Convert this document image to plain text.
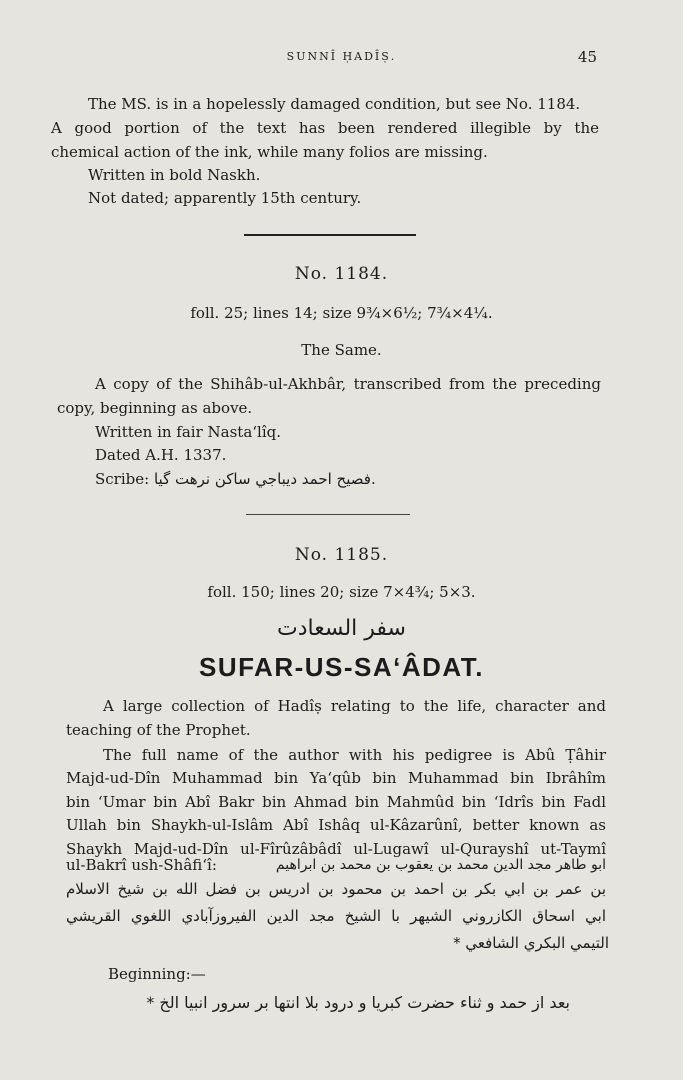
SUNNÎ ḤADÎṢ.	45

The MS. is in a hopelessly damaged condition, but see No. 1184.

A good portion of the text has been rendered illegible by the

chemical action of the ink, while many folios are missing.

Written in bold Naskh.

Not dated; apparently 15th century.

No. 1184.

foll. 25; lines 14; size 9¾×6½; 7¾×4¼.

The Same.

A copy of the Shihâb-ul-Akhbâr, transcribed from the preceding

copy, beginning as above.

Written in fair Nasta‘lîq.

Dated A.H. 1337.

Scribe: فصيح احمد ديباجي ساكن نرهت گيا.

No. 1185.

foll. 150; lines 20; size 7×4¾; 5×3.

سفر السعادت

SUFAR-US-SA‘ÂDAT.

A large collection of Hadîṣ relating to the life, character and

teaching of the Prophet.

The full name of the author with his pedigree is Abû Ṭâhir

Majd-ud-Dîn Muhammad bin Ya‘qûb bin Muhammad bin Ibrâhîm

bin ‘Umar bin Abî Bakr bin Ahmad bin Mahmûd bin ‘Idrîs bin Fadl

Ullah bin Shaykh-ul-Islâm Abî Ishâq ul-Kâzarûnî, better known as

Shaykh Majd-ud-Dîn ul-Fîrûzâbâdî ul-Lugawî ul-Qurayshî ut-Taymî

ul-Bakrî ush-Shâfi‘î:	ابو طاهر مجد الدين محمد بن يعقوب بن محمد بن ابراهيم

بن عمر بن ابي بكر بن احمد بن محمود بن ادريس بن فضل الله بن شيخ الاسلام

ابي اسحاق الكازروني الشيهر با الشيخ مجد الدين الفيروزآبادي اللغوي القريشي

التيمي البكري الشافعي *

Beginning:—

بعد از حمد و ثناء حضرت كبريا و درود بلا انتها بر سرور انبيا الخ *
